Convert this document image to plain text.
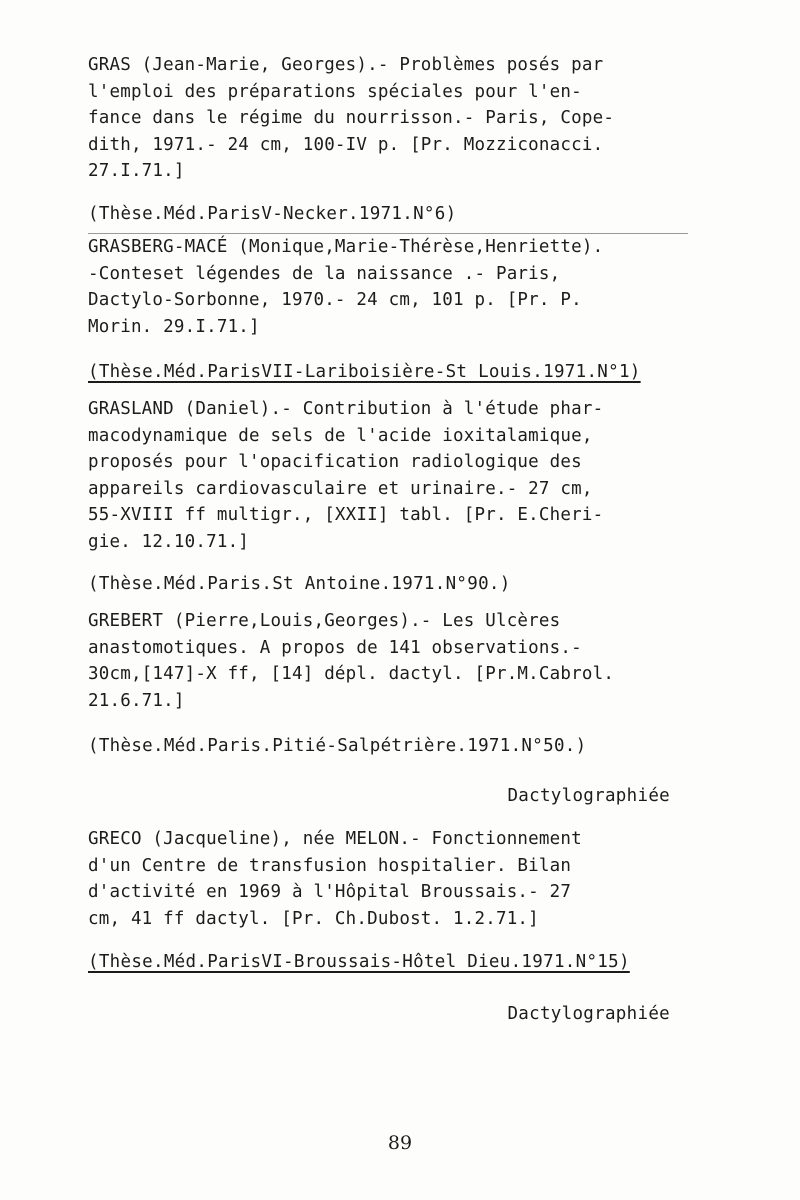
GRAS (Jean-Marie, Georges).- Problèmes posés par
l'emploi des préparations spéciales pour l'en-
fance dans le régime du nourrisson.- Paris, Cope-
dith, 1971.- 24 cm, 100-IV p. [Pr. Mozziconacci.
27.I.71.]

(Thèse.Méd.ParisV-Necker.1971.N°6)

GRASBERG-MACÉ (Monique,Marie-Thérèse,Henriette).
-Conteset légendes de la naissance .- Paris,
Dactylo-Sorbonne, 1970.- 24 cm, 101 p. [Pr. P.
Morin. 29.I.71.]

(Thèse.Méd.ParisVII-Lariboisière-St Louis.1971.N°1)

GRASLAND (Daniel).- Contribution à l'étude phar-
macodynamique de sels de l'acide ioxitalamique,
proposés pour l'opacification radiologique des
appareils cardiovasculaire et urinaire.- 27 cm,
55-XVIII ff multigr., [XXII] tabl. [Pr. E.Cheri-
gie. 12.10.71.]

(Thèse.Méd.Paris.St Antoine.1971.N°90.)

GREBERT (Pierre,Louis,Georges).- Les Ulcères
anastomotiques. A propos de 141 observations.-
30cm,[147]-X ff, [14] dépl. dactyl. [Pr.M.Cabrol.
21.6.71.]

(Thèse.Méd.Paris.Pitié-Salpétrière.1971.N°50.)
Dactylographiée

GRECO (Jacqueline), née MELON.- Fonctionnement
d'un Centre de transfusion hospitalier. Bilan
d'activité en 1969 à l'Hôpital Broussais.- 27
cm, 41 ff dactyl. [Pr. Ch.Dubost. 1.2.71.]

(Thèse.Méd.ParisVI-Broussais-Hôtel Dieu.1971.N°15)
Dactylographiée
89
